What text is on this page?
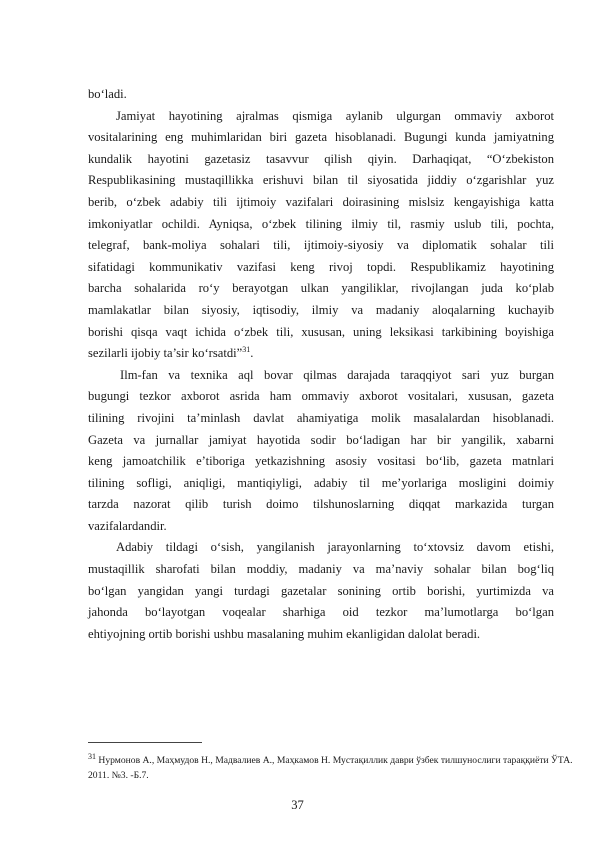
bo‘ladi.
Jamiyat hayotining ajralmas qismiga aylanib ulgurgan ommaviy axborot
vositalarining eng muhimlaridan biri gazeta hisoblanadi. Bugungi kunda jamiyatning
kundalik hayotini gazetasiz tasavvur qilish qiyin. Darhaqiqat, “O‘zbekiston
Respublikasining mustaqillikka erishuvi bilan til siyosatida jiddiy o‘zgarishlar yuz
berib, o‘zbek adabiy tili ijtimoiy vazifalari doirasining mislsiz kengayishiga katta
imkoniyatlar ochildi. Ayniqsa, o‘zbek tilining ilmiy til, rasmiy uslub tili, pochta,
telegraf, bank-moliya sohalari tili, ijtimoiy-siyosiy va diplomatik sohalar tili
sifatidagi kommunikativ vazifasi keng rivoj topdi. Respublikamiz hayotining
barcha sohalarida ro‘y berayotgan ulkan yangiliklar, rivojlangan juda ko‘plab
mamlakatlar bilan siyosiy, iqtisodiy, ilmiy va madaniy aloqalarning kuchayib
borishi qisqa vaqt ichida o‘zbek tili, xususan, uning leksikasi tarkibining boyishiga
sezilarli ijobiy ta’sir ko‘rsatdi”$^{31}$.
Ilm-fan va texnika aql bovar qilmas darajada taraqqiyot sari yuz burgan
bugungi tezkor axborot asrida ham ommaviy axborot vositalari, xususan, gazeta
tilining rivojini ta’minlash davlat ahamiyatiga molik masalalardan hisoblanadi.
Gazeta va jurnallar jamiyat hayotida sodir bo‘ladigan har bir yangilik, xabarni
keng jamoatchilik e’tiboriga yetkazishning asosiy vositasi bo‘lib, gazeta matnlari
tilining sofligi, aniqligi, mantiqiyligi, adabiy til me’yorlariga mosligini doimiy
tarzda nazorat qilib turish doimo tilshunoslarning diqqat markazida turgan
vazifalardandir.
Adabiy tildagi o‘sish, yangilanish jarayonlarning to‘xtovsiz davom etishi,
mustaqillik sharofati bilan moddiy, madaniy va ma’naviy sohalar bilan bog‘liq
bo‘lgan yangidan yangi turdagi gazetalar sonining ortib borishi, yurtimizda va
jahonda bo‘layotgan voqealar sharhiga oid tezkor ma’lumotlarga bo‘lgan
ehtiyojning ortib borishi ushbu masalaning muhim ekanligidan dalolat beradi.
$^{31}$ Нурмонов А., Маҳмудов Н., Мадвалиев А., Маҳкамов Н. Мустақиллик даври ўзбек тилшунослиги тараққиёти ЎТА.
2011. №3. -Б.7.
37
